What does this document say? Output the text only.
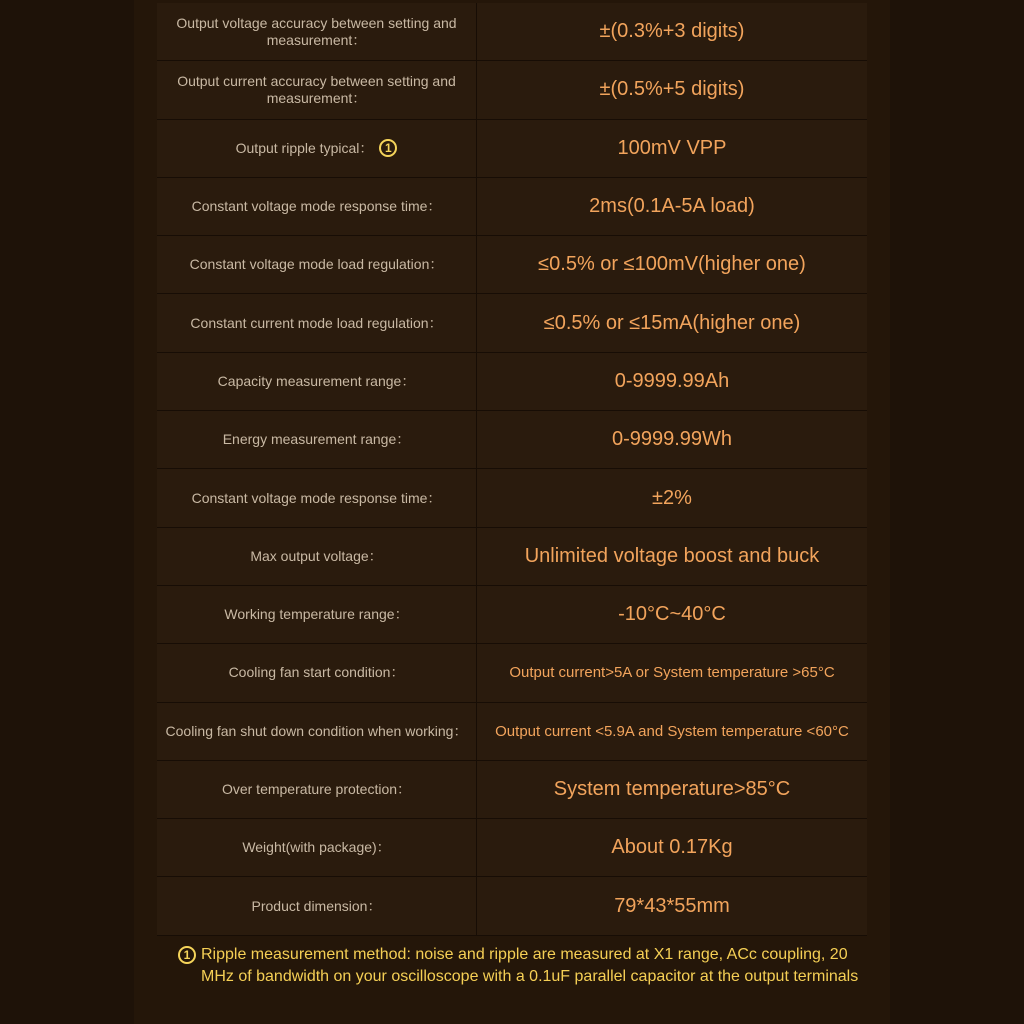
Output voltage accuracy between setting and measurement：	±(0.3%+3 digits)
Output current accuracy between setting and measurement：	±(0.5%+5 digits)
Output ripple typical： 1	100mV VPP
Constant voltage mode response time：	2ms(0.1A-5A load)
Constant voltage mode load regulation：	≤0.5% or ≤100mV(higher one)
Constant current mode load regulation：	≤0.5% or ≤15mA(higher one)
Capacity measurement range：	0-9999.99Ah
Energy measurement range：	0-9999.99Wh
Constant voltage mode response time：	±2%
Max output voltage：	Unlimited voltage boost and buck
Working temperature range：	-10°C~40°C
Cooling fan start condition：	Output current>5A or System temperature >65°C
Cooling fan shut down condition when working：	Output current <5.9A and System temperature <60°C
Over temperature protection：	System temperature>85°C
Weight(with package)：	About 0.17Kg
Product dimension：	79*43*55mm
1 Ripple measurement method: noise and ripple are measured at X1 range, ACc coupling, 20 MHz of bandwidth on your oscilloscope with a 0.1uF parallel capacitor at the output terminals
